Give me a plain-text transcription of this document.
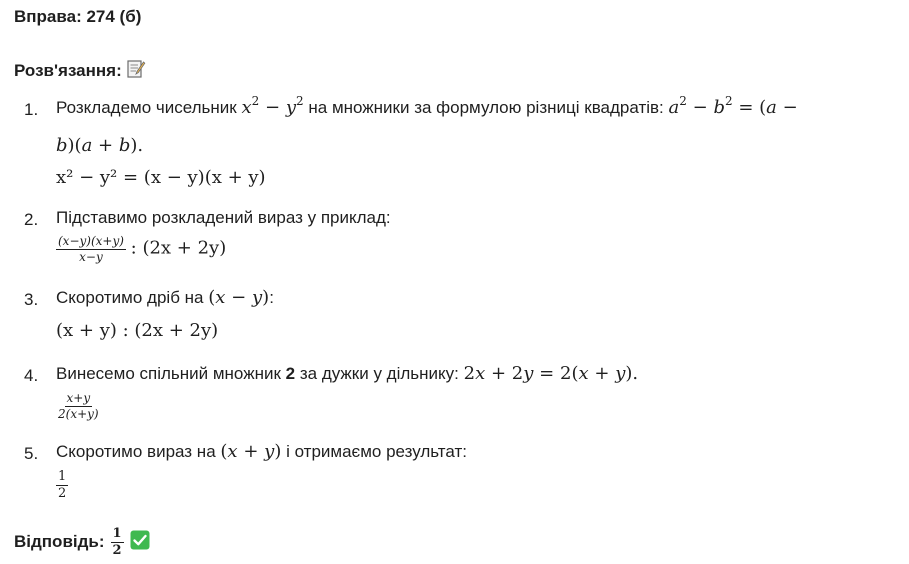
Вправа: 274 (б)
Розв'язання:
1. Розкладемо чисельник $x^2 - y^2$ на множники за формулою різниці квадратів: $a^2 - b^2 = (a$ −
b)(a + b).
x² − y² = (x − y)(x + y)
2. Підставимо розкладений вираз у приклад:
$\frac{(x-y)(x+y)}{x-y}$ : (2x + 2y)
3. Скоротимо дріб на (x − y):
(x + y) : (2x + 2y)
4. Винесемо спільний множник 2 за дужки у дільнику: 2x + 2y = 2(x + y).
$\frac{x+y}{2(x+y)}$
5. Скоротимо вираз на (x + y) і отримаємо результат:
$\frac{1}{2}$
Відповідь: $\frac{1}{2}$
